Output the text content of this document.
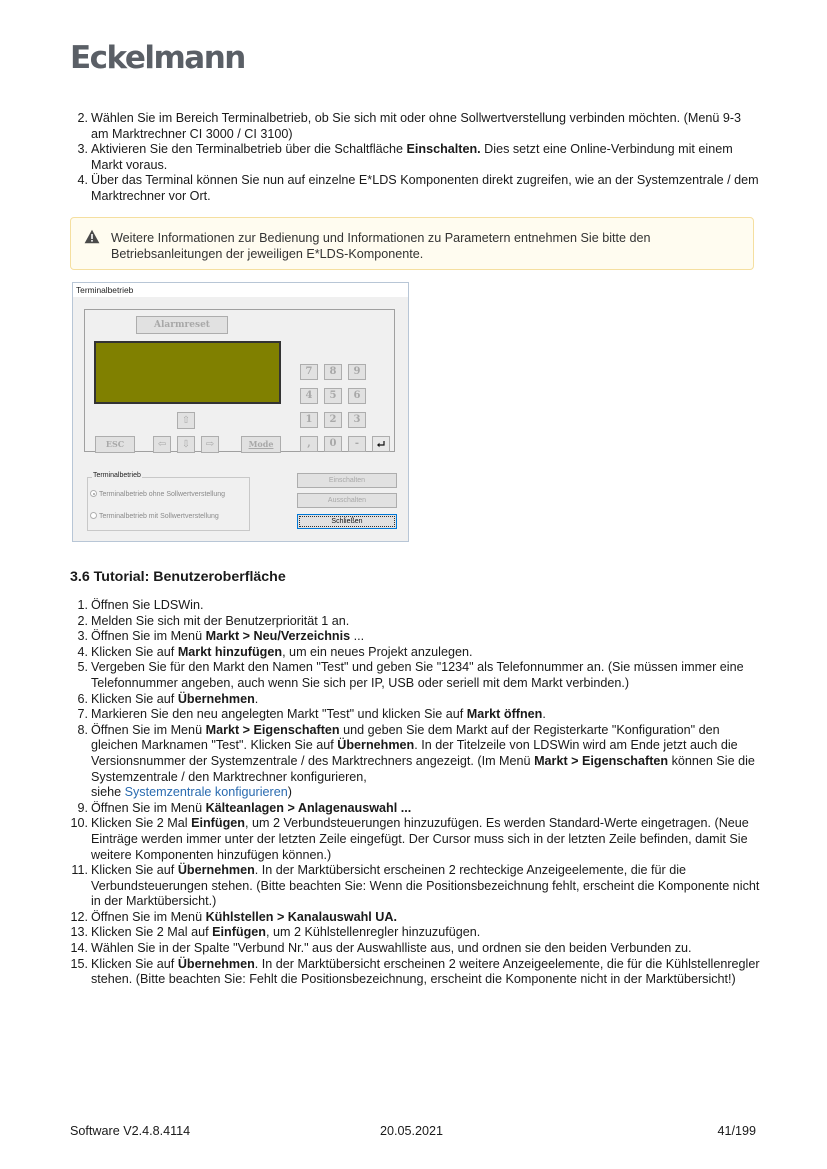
Eckelmann
2. Wählen Sie im Bereich Terminalbetrieb, ob Sie sich mit oder ohne Sollwertverstellung verbinden möchten. (Menü 9-3 am Marktrechner CI 3000 / CI 3100)
3. Aktivieren Sie den Terminalbetrieb über die Schaltfläche Einschalten. Dies setzt eine Online-Verbindung mit einem Markt voraus.
4. Über das Terminal können Sie nun auf einzelne E*LDS Komponenten direkt zugreifen, wie an der Systemzentrale / dem Marktrechner vor Ort.
Weitere Informationen zur Bedienung und Informationen zu Parametern entnehmen Sie bitte den Betriebsanleitungen der jeweiligen E*LDS-Komponente.
Terminalbetrieb
Alarmreset
⇧
ESC	⇦	⇩	⇨	Mode
7	8	9
4	5	6
1	2	3
,	0	-
Terminalbetrieb
Terminalbetrieb ohne Sollwertverstellung
Terminalbetrieb mit Sollwertverstellung
Einschalten
Ausschalten
Schließen
3.6 Tutorial: Benutzeroberfläche
1. Öffnen Sie LDSWin.
2. Melden Sie sich mit der Benutzerpriorität 1 an.
3. Öffnen Sie im Menü Markt > Neu/Verzeichnis ...
4. Klicken Sie auf Markt hinzufügen, um ein neues Projekt anzulegen.
5. Vergeben Sie für den Markt den Namen "Test" und geben Sie "1234" als Telefonnummer an. (Sie müssen immer eine Telefonnummer angeben, auch wenn Sie sich per IP, USB oder seriell mit dem Markt verbinden.)
6. Klicken Sie auf Übernehmen.
7. Markieren Sie den neu angelegten Markt "Test" und klicken Sie auf Markt öffnen.
8. Öffnen Sie im Menü Markt > Eigenschaften und geben Sie dem Markt auf der Registerkarte "Konfiguration" den gleichen Marknamen "Test". Klicken Sie auf Übernehmen. In der Titelzeile von LDSWin wird am Ende jetzt auch die Versionsnummer der Systemzentrale / des Marktrechners angezeigt. (Im Menü Markt > Eigenschaften können Sie die Systemzentrale / den Marktrechner konfigurieren,
siehe Systemzentrale konfigurieren)
9. Öffnen Sie im Menü Kälteanlagen > Anlagenauswahl ...
10. Klicken Sie 2 Mal Einfügen, um 2 Verbundsteuerungen hinzuzufügen. Es werden Standard-Werte eingetragen. (Neue Einträge werden immer unter der letzten Zeile eingefügt. Der Cursor muss sich in der letzten Zeile befinden, damit Sie weitere Komponenten hinzufügen können.)
11. Klicken Sie auf Übernehmen. In der Marktübersicht erscheinen 2 rechteckige Anzeigeelemente, die für die Verbundsteuerungen stehen. (Bitte beachten Sie: Wenn die Positionsbezeichnung fehlt, erscheint die Komponente nicht in der Marktübersicht.)
12. Öffnen Sie im Menü Kühlstellen > Kanalauswahl UA.
13. Klicken Sie 2 Mal auf Einfügen, um 2 Kühlstellenregler hinzuzufügen.
14. Wählen Sie in der Spalte "Verbund Nr." aus der Auswahlliste aus, und ordnen sie den beiden Verbunden zu.
15. Klicken Sie auf Übernehmen. In der Marktübersicht erscheinen 2 weitere Anzeigeelemente, die für die Kühlstellenregler stehen. (Bitte beachten Sie: Fehlt die Positionsbezeichnung, erscheint die Komponente nicht in der Marktübersicht!)
Software V2.4.8.4114	20.05.2021	41/199
